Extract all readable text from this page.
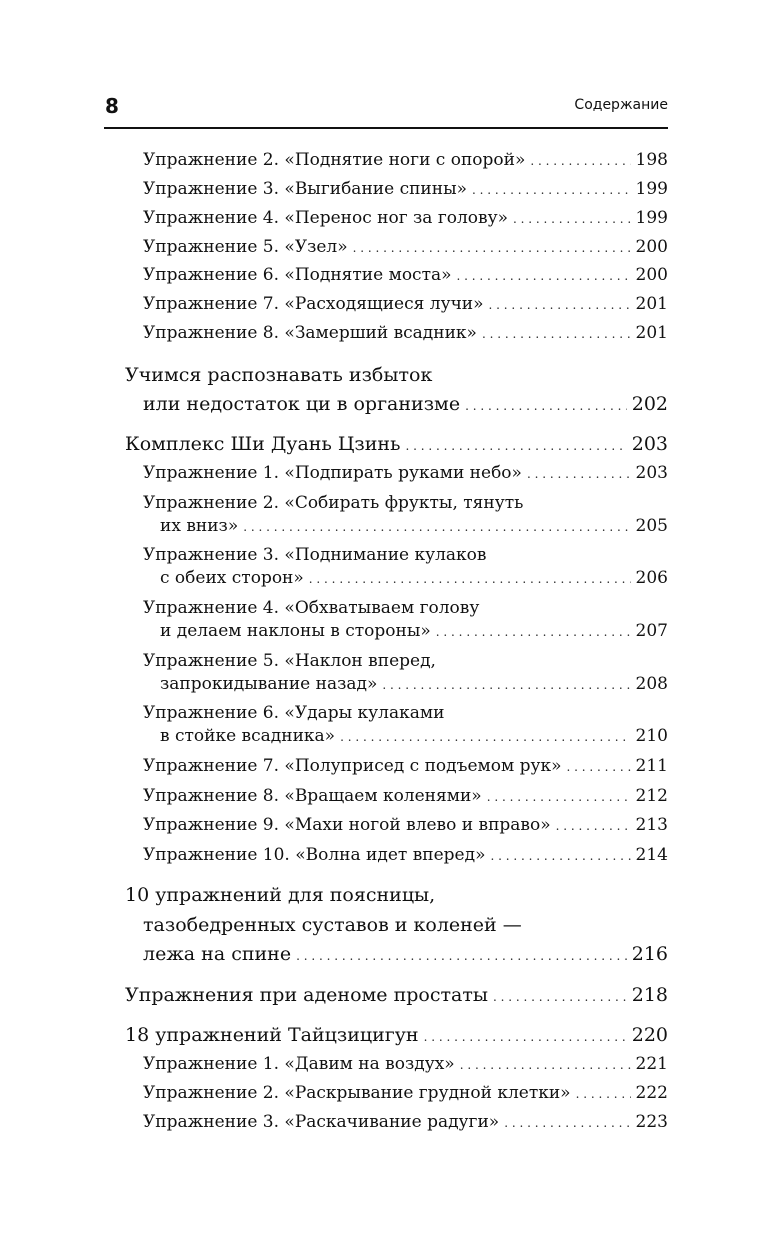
8	Содержание
Упражнение 2. «Поднятие ноги с опорой» . . .	198
Упражнение 3. «Выгибание спины» . . .	199
Упражнение 4. «Перенос ног за голову» . . .	199
Упражнение 5. «Узел» . . .	200
Упражнение 6. «Поднятие моста» . . .	200
Упражнение 7. «Расходящиеся лучи» . . .	201
Упражнение 8. «Замерший всадник» . . .	201
Учимся распознавать избыток
или недостаток ци в организме . . .	202
Комплекс Ши Дуань Цзинь . . .	203
Упражнение 1. «Подпирать руками небо» . . .	203
Упражнение 2. «Собирать фрукты, тянуть
их вниз» . . .	205
Упражнение 3. «Поднимание кулаков
с обеих сторон» . . .	206
Упражнение 4. «Обхватываем голову
и делаем наклоны в стороны» . . .	207
Упражнение 5. «Наклон вперед,
запрокидывание назад» . . .	208
Упражнение 6. «Удары кулаками
в стойке всадника» . . .	210
Упражнение 7. «Полуприсед с подъемом рук» . . .	211
Упражнение 8. «Вращаем коленями» . . .	212
Упражнение 9. «Махи ногой влево и вправо» . . .	213
Упражнение 10. «Волна идет вперед» . . .	214
10 упражнений для поясницы,
тазобедренных суставов и коленей —
лежа на спине . . .	216
Упражнения при аденоме простаты . . .	218
18 упражнений Тайцзицигун . . .	220
Упражнение 1. «Давим на воздух» . . .	221
Упражнение 2. «Раскрывание грудной клетки» . . .	222
Упражнение 3. «Раскачивание радуги» . . .	223
